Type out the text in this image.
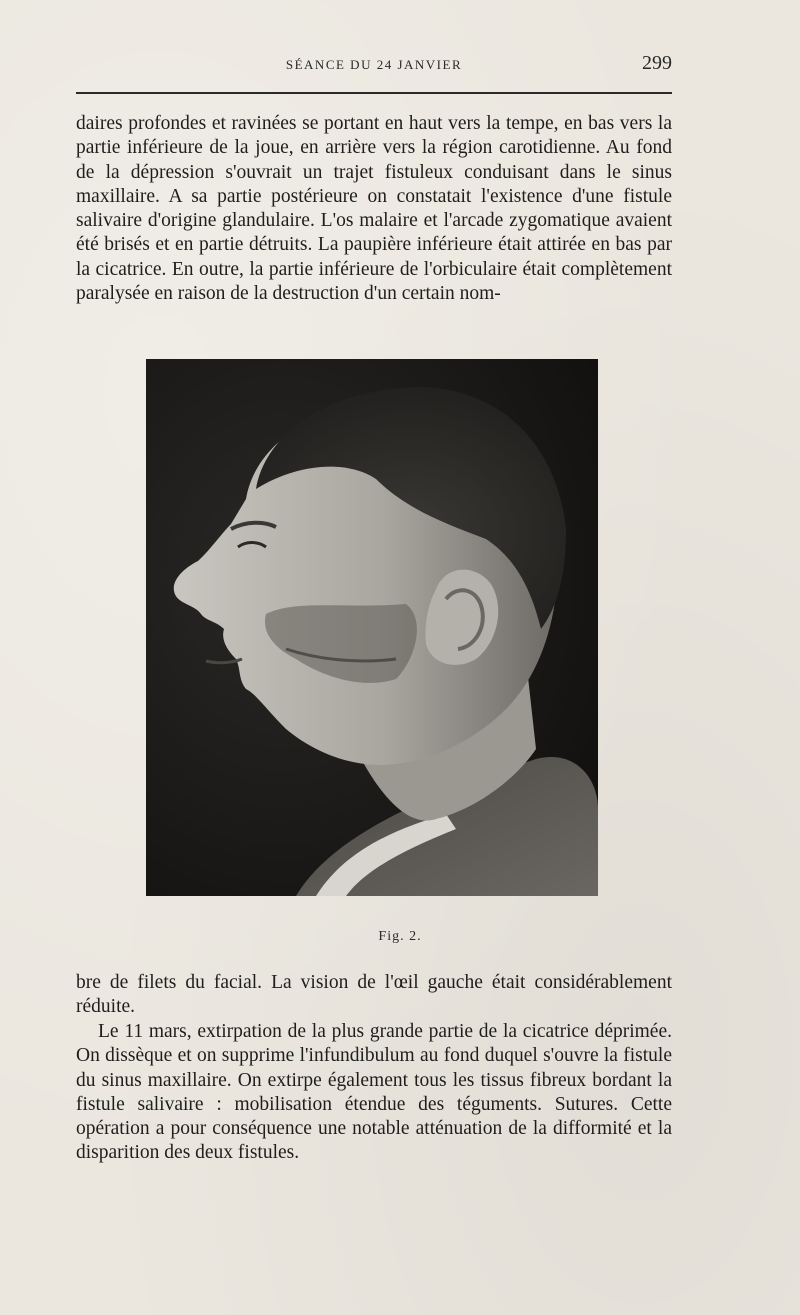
SÉANCE DU 24 JANVIER	299

daires profondes et ravinées se portant en haut vers la tempe, en bas vers la partie inférieure de la joue, en arrière vers la région carotidienne. Au fond de la dépression s'ouvrait un trajet fistuleux conduisant dans le sinus maxillaire. A sa partie postérieure on constatait l'existence d'une fistule salivaire d'origine glandulaire. L'os malaire et l'arcade zygomatique avaient été brisés et en partie détruits. La paupière inférieure était attirée en bas par la cicatrice. En outre, la partie inférieure de l'orbiculaire était complètement paralysée en raison de la destruction d'un certain nom-

Fig. 2.

bre de filets du facial. La vision de l'œil gauche était considérablement réduite.

Le 11 mars, extirpation de la plus grande partie de la cicatrice déprimée. On dissèque et on supprime l'infundibulum au fond duquel s'ouvre la fistule du sinus maxillaire. On extirpe également tous les tissus fibreux bordant la fistule salivaire : mobilisation étendue des téguments. Sutures. Cette opération a pour conséquence une notable atténuation de la difformité et la disparition des deux fistules.
